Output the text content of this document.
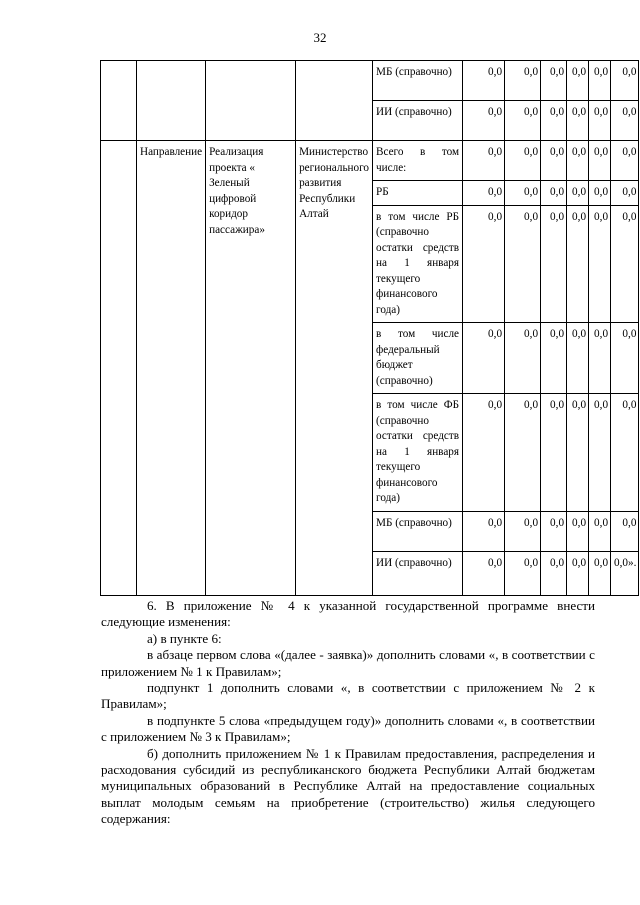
32
				МБ (справочно)	0,0	0,0	0,0	0,0	0,0	0,0
				ИИ (справочно)	0,0	0,0	0,0	0,0	0,0	0,0
	Направление	Реализация проекта « Зеленый цифровой коридор пассажира»	Министерство регионального развития Республики Алтай	Всего в том числе:	0,0	0,0	0,0	0,0	0,0	0,0
				РБ	0,0	0,0	0,0	0,0	0,0	0,0
				в том числе РБ (справочно остатки средств на 1 января текущего финансового года)	0,0	0,0	0,0	0,0	0,0	0,0
				в том числе федеральный бюджет (справочно)	0,0	0,0	0,0	0,0	0,0	0,0
				в том числе ФБ (справочно остатки средств на 1 января текущего финансового года)	0,0	0,0	0,0	0,0	0,0	0,0
				МБ (справочно)	0,0	0,0	0,0	0,0	0,0	0,0
				ИИ (справочно)	0,0	0,0	0,0	0,0	0,0	0,0».

6. В приложение № 4 к указанной государственной программе внести следующие изменения:

а) в пункте 6:

в абзаце первом слова «(далее - заявка)» дополнить словами «, в соответствии с приложением № 1 к Правилам»;

подпункт 1 дополнить словами «, в соответствии с приложением № 2 к Правилам»;

в подпункте 5 слова «предыдущем году)» дополнить словами «, в соответствии с приложением № 3 к Правилам»;

б) дополнить приложением № 1 к Правилам предоставления, распределения и расходования субсидий из республиканского бюджета Республики Алтай бюджетам муниципальных образований в Республике Алтай на предоставление социальных выплат молодым семьям на приобретение (строительство) жилья следующего содержания:
